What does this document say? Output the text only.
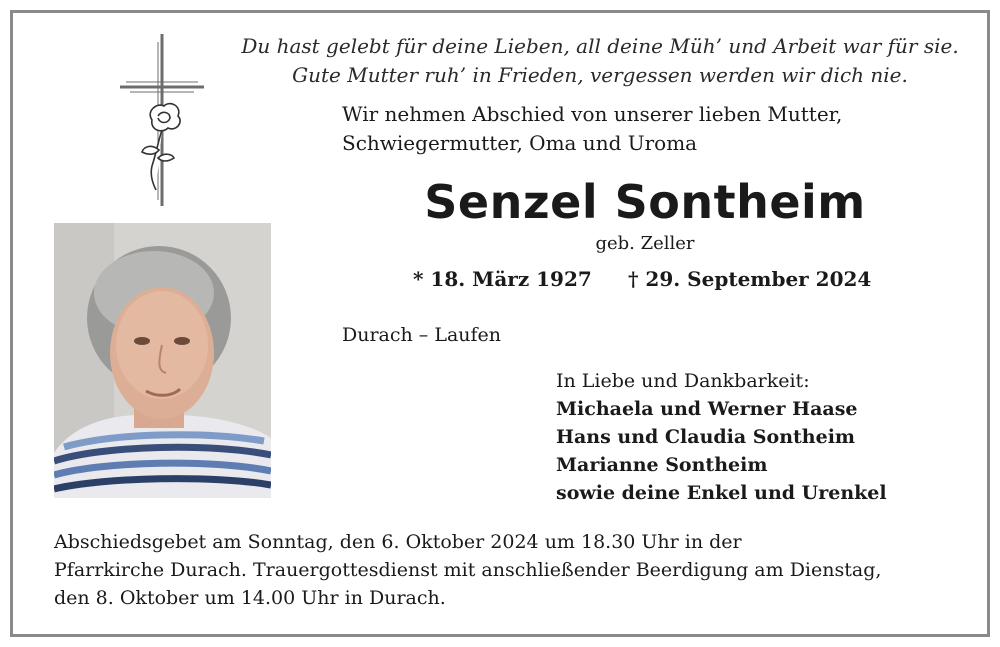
Du hast gelebt für deine Lieben, all deine Müh’ und Arbeit war für sie.
Gute Mutter ruh’ in Frieden, vergessen werden wir dich nie.
Wir nehmen Abschied von unserer lieben Mutter,
Schwiegermutter, Oma und Uroma
Senzel Sontheim
geb. Zeller
* 18. März 1927 † 29. September 2024
Durach – Laufen
In Liebe und Dankbarkeit:
Michaela und Werner Haase
Hans und Claudia Sontheim
Marianne Sontheim
sowie deine Enkel und Urenkel
Abschiedsgebet am Sonntag, den 6. Oktober 2024 um 18.30 Uhr in der
Pfarrkirche Durach. Trauergottesdienst mit anschließender Beerdigung am Dienstag,
den 8. Oktober um 14.00 Uhr in Durach.
